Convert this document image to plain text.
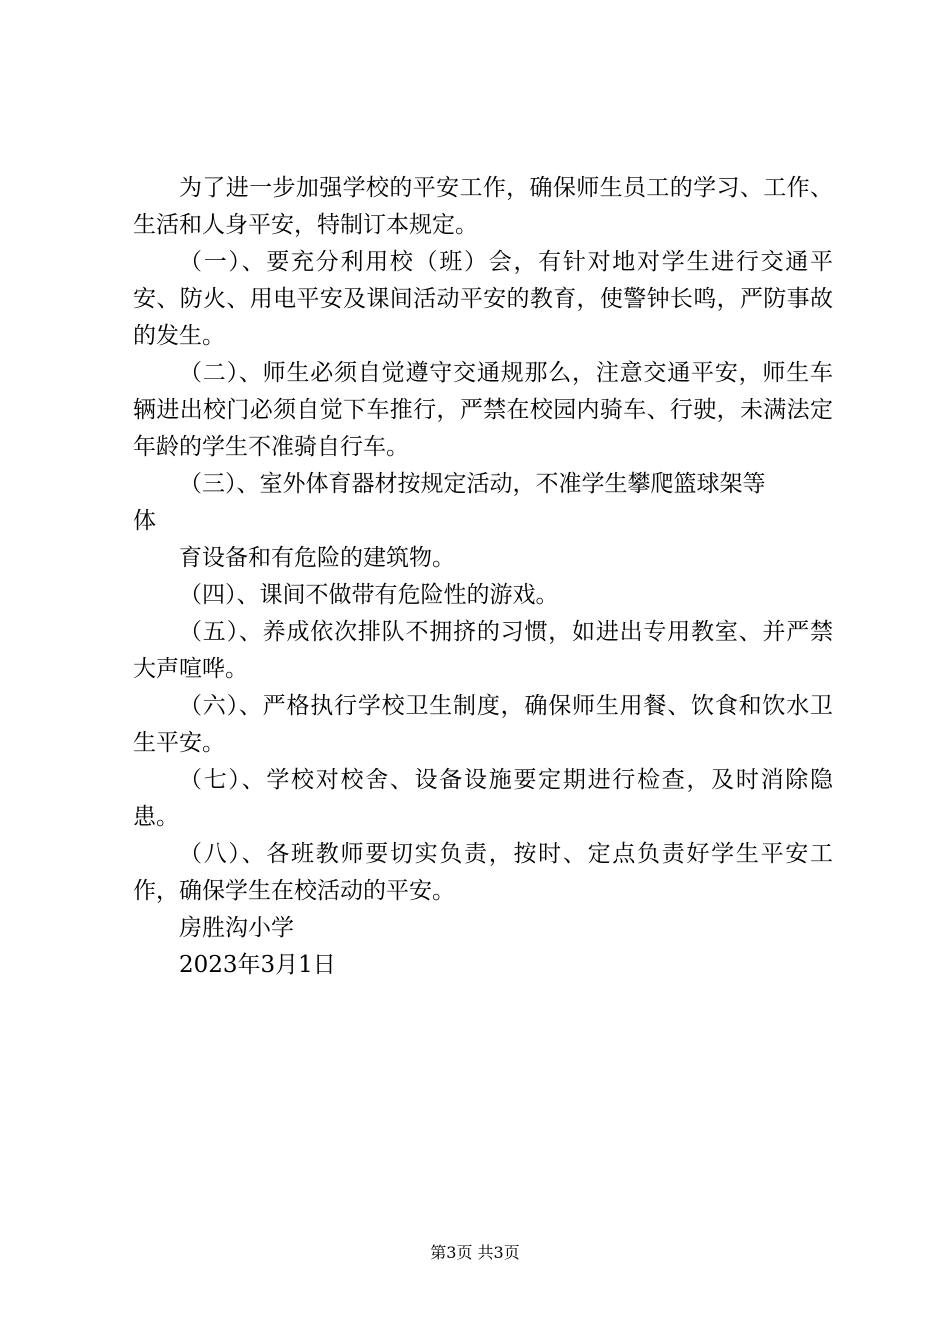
为了进一步加强学校的平安工作，确保师生员工的学习、工作、生活和人身平安，特制订本规定。

（一）、要充分利用校（班）会，有针对地对学生进行交通平安、防火、用电平安及课间活动平安的教育，使警钟长鸣，严防事故的发生。

（二）、师生必须自觉遵守交通规那么，注意交通平安，师生车辆进出校门必须自觉下车推行，严禁在校园内骑车、行驶，未满法定年龄的学生不准骑自行车。

（三）、室外体育器材按规定活动，不准学生攀爬篮球架等

体

育设备和有危险的建筑物。

（四）、课间不做带有危险性的游戏。

（五）、养成依次排队不拥挤的习惯，如进出专用教室、并严禁大声喧哗。

（六）、严格执行学校卫生制度，确保师生用餐、饮食和饮水卫生平安。

（七）、学校对校舍、设备设施要定期进行检查，及时消除隐患。

（八）、各班教师要切实负责，按时、定点负责好学生平安工作，确保学生在校活动的平安。

房胜沟小学

2023年3月1日

第3页 共3页
